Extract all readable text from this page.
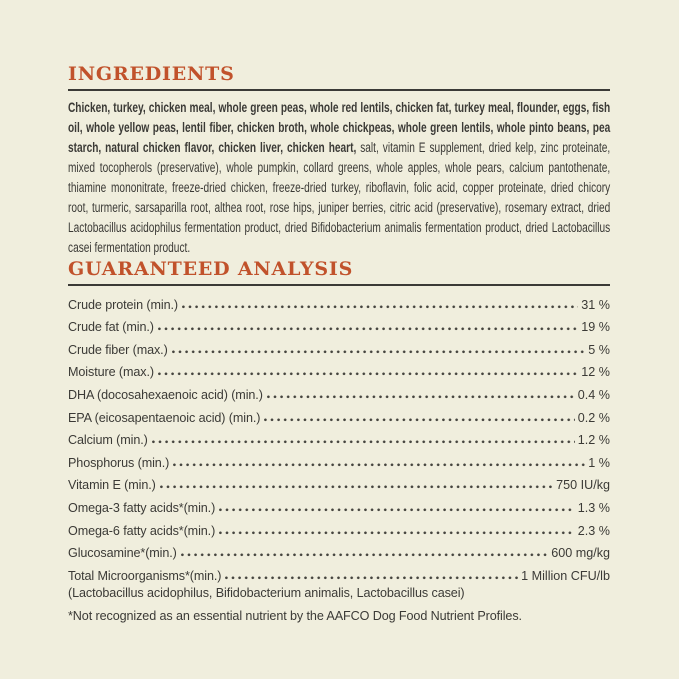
INGREDIENTS

Chicken, turkey, chicken meal, whole green peas, whole red lentils, chicken fat, turkey meal, flounder, eggs, fish oil, whole yellow peas, lentil fiber, chicken broth, whole chickpeas, whole green lentils, whole pinto beans, pea starch, natural chicken flavor, chicken liver, chicken heart, salt, vitamin E supplement, dried kelp, zinc proteinate, mixed tocopherols (preservative), whole pumpkin, collard greens, whole apples, whole pears, calcium pantothenate, thiamine mononitrate, freeze-dried chicken, freeze-dried turkey, riboflavin, folic acid, copper proteinate, dried chicory root, turmeric, sarsaparilla root, althea root, rose hips, juniper berries, citric acid (preservative), rosemary extract, dried Lactobacillus acidophilus fermentation product, dried Bifidobacterium animalis fermentation product, dried Lactobacillus casei fermentation product.

GUARANTEED ANALYSIS
Crude protein (min.)	31 %
Crude fat (min.)	19 %
Crude fiber (max.)	5 %
Moisture (max.)	12 %
DHA (docosahexaenoic acid) (min.)	0.4 %
EPA (eicosapentaenoic acid) (min.)	0.2 %
Calcium (min.)	1.2 %
Phosphorus (min.)	1 %
Vitamin E (min.)	750 IU/kg
Omega-3 fatty acids*(min.)	1.3 %
Omega-6 fatty acids*(min.)	2.3 %
Glucosamine*(min.)	600 mg/kg
Total Microorganisms*(min.)	1 Million CFU/lb

(Lactobacillus acidophilus, Bifidobacterium animalis, Lactobacillus casei)

*Not recognized as an essential nutrient by the AAFCO Dog Food Nutrient Profiles.
